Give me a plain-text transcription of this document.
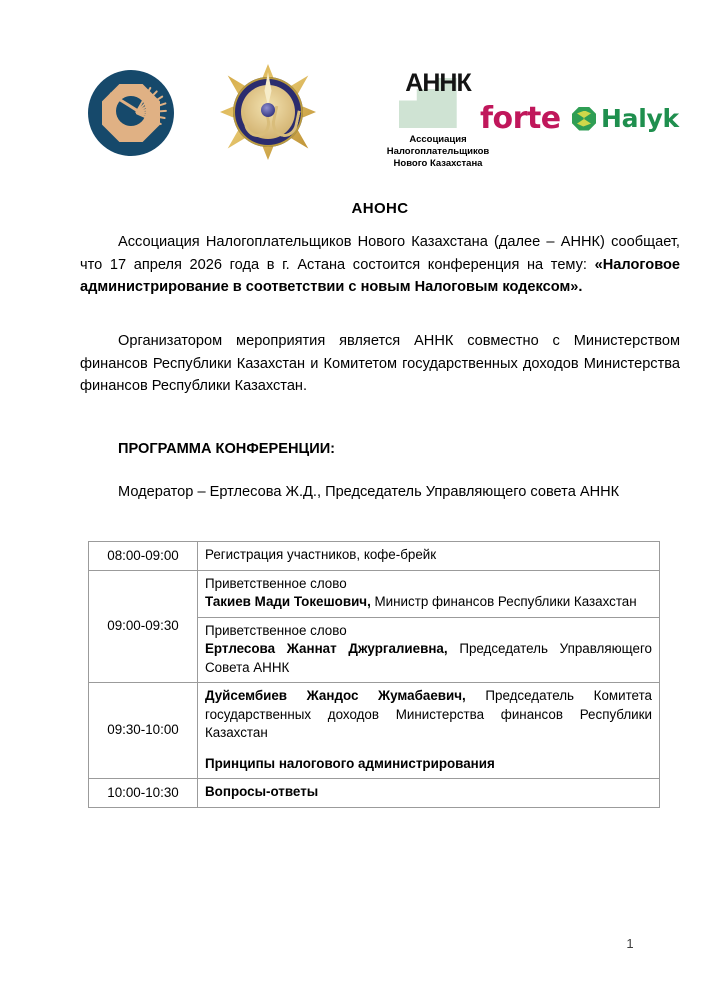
АННК
Ассоциация
Налогоплательщиков
Нового Казахстана
forte Halyk
АНОНС
Ассоциация Налогоплательщиков Нового Казахстана (далее – АННК) сообщает, что 17 апреля 2026 года в г. Астана состоится конференция на тему: «Налоговое администрирование в соответствии с новым Налоговым кодексом».
Организатором мероприятия является АННК совместно с Министерством финансов Республики Казахстан и Комитетом государственных доходов Министерства финансов Республики Казахстан.
ПРОГРАММА КОНФЕРЕНЦИИ:
Модератор – Ертлесова Ж.Д., Председатель Управляющего совета АННК
08:00-09:00	Регистрация участников, кофе-брейк
09:00-09:30	Приветственное слово
Такиев Мади Токешович, Министр финансов Республики Казахстан
	Приветственное слово
Ертлесова Жаннат Джургалиевна, Председатель Управляющего Совета АННК
09:30-10:00	Дуйсембиев Жандос Жумабаевич, Председатель Комитета государственных доходов Министерства финансов Республики Казахстан
Принципы налогового администрирования
10:00-10:30	Вопросы-ответы
1
